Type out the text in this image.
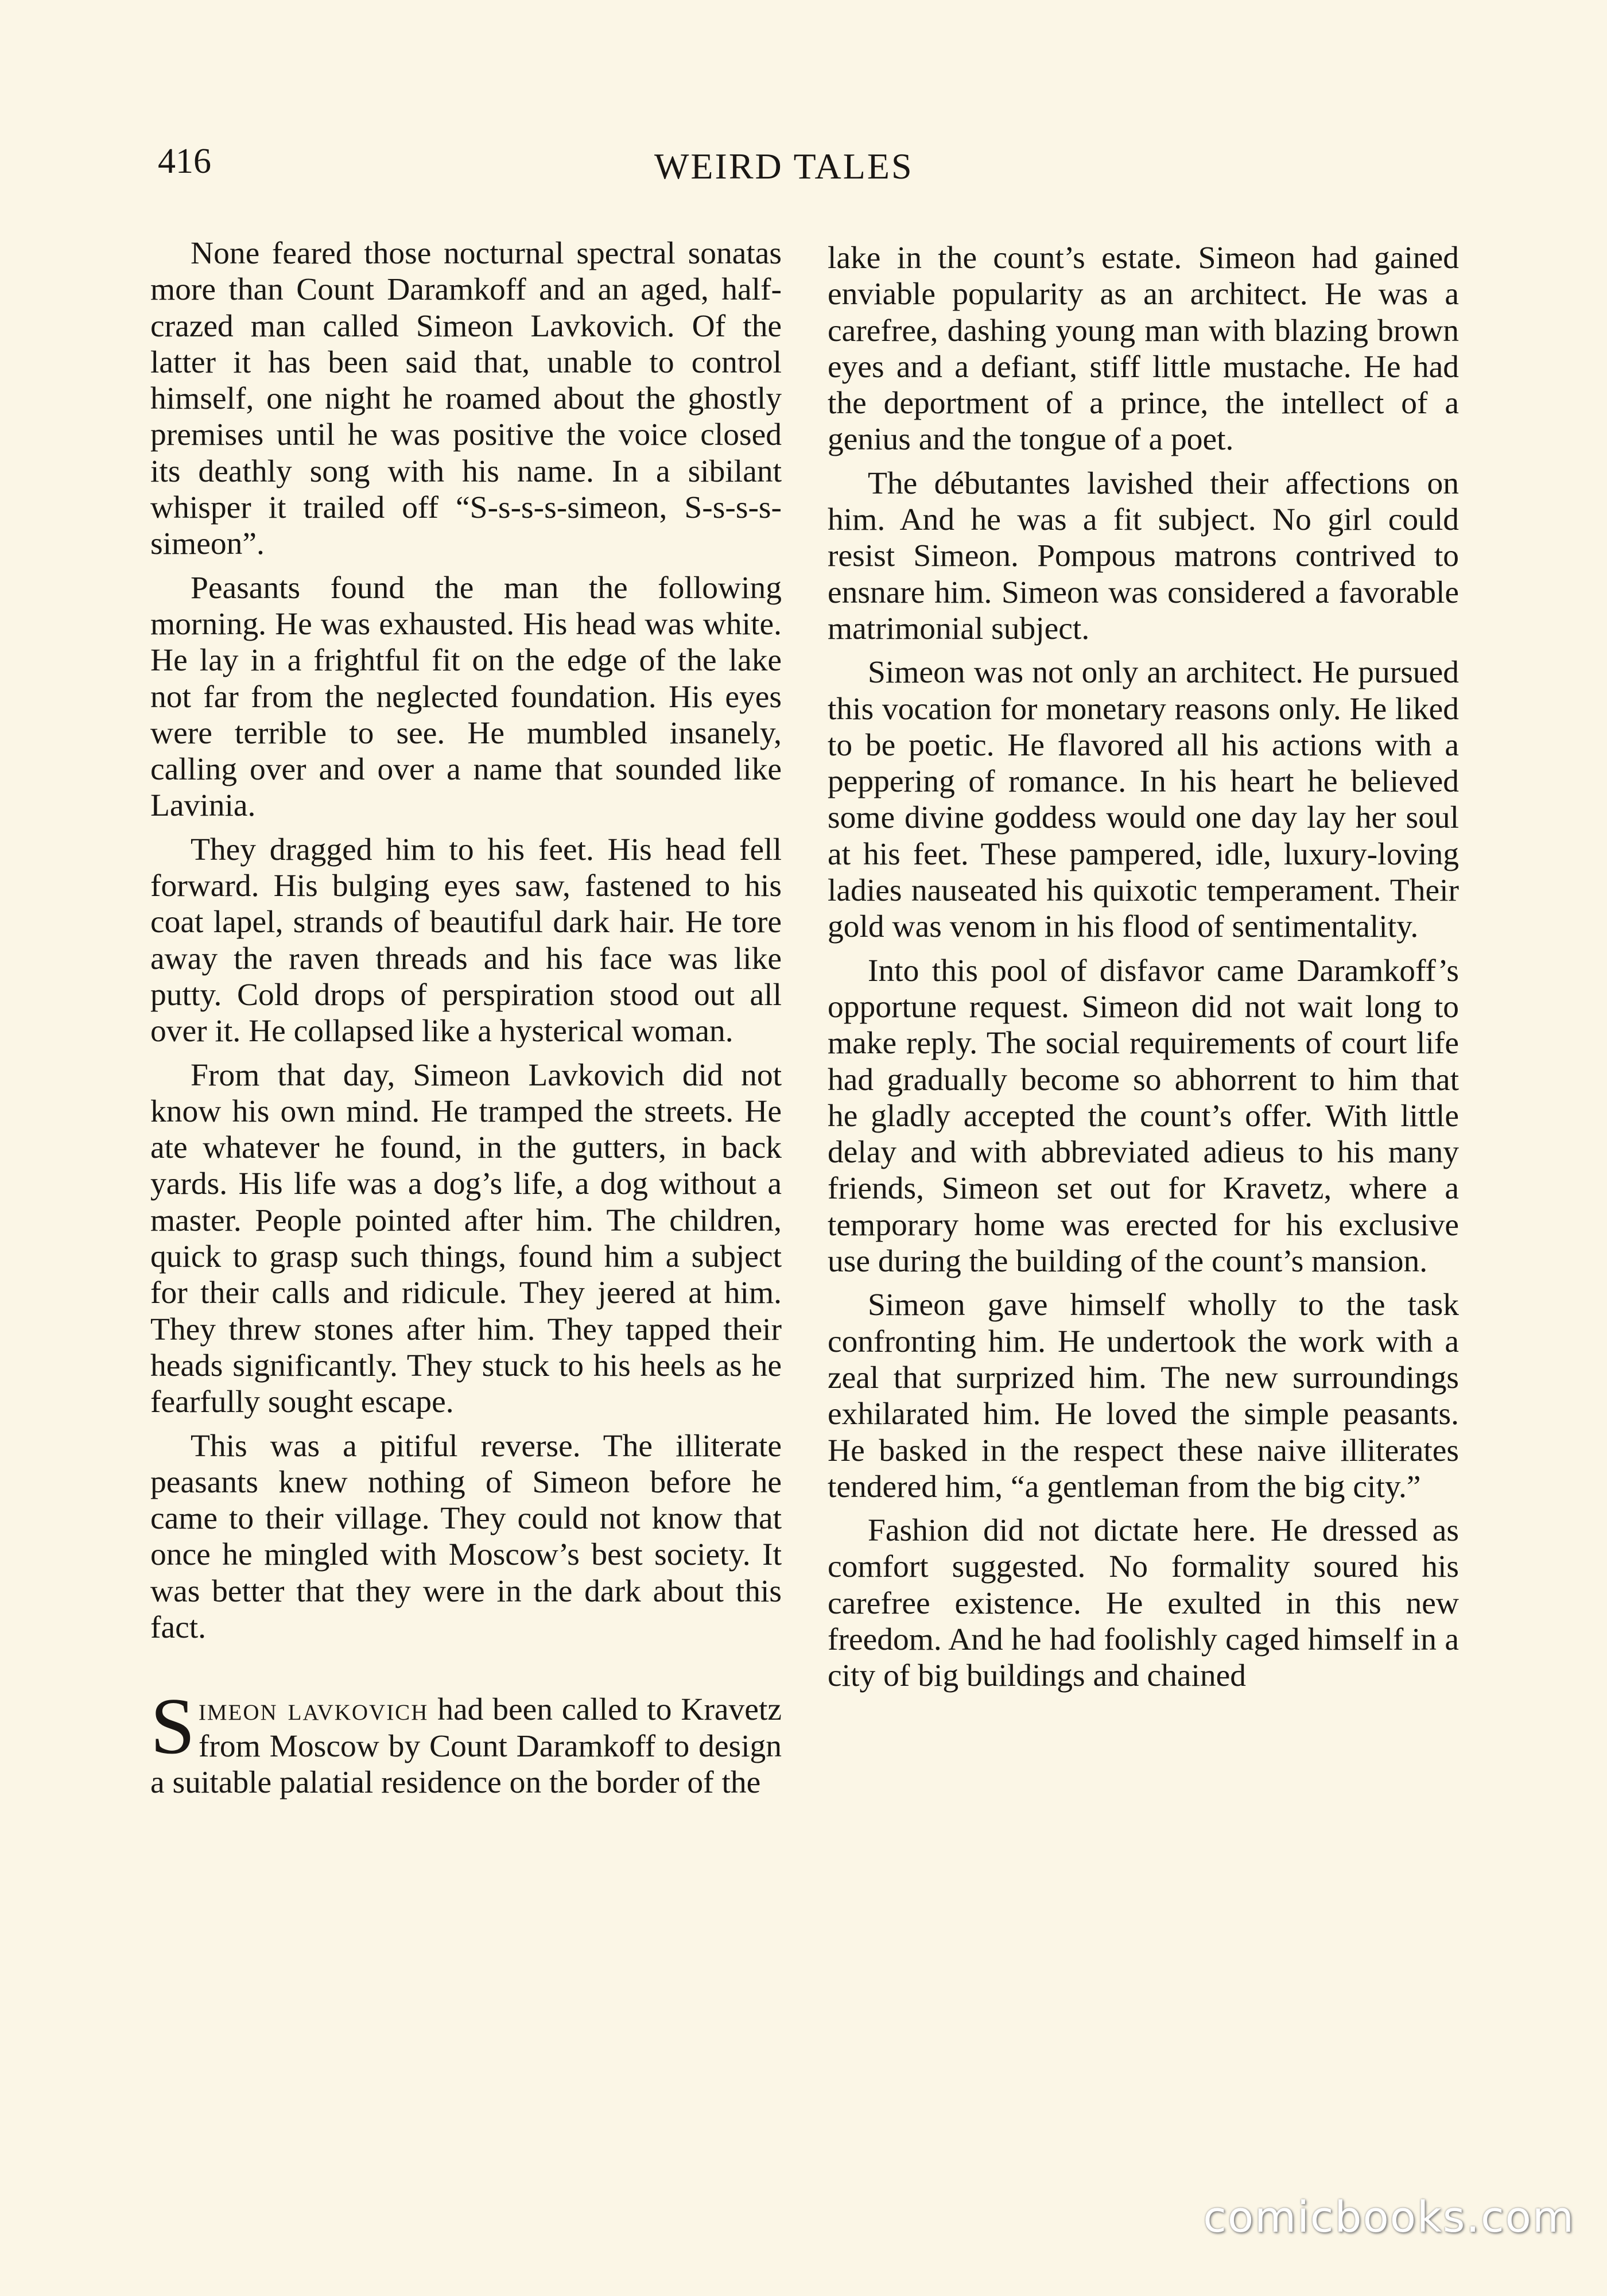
416	WEIRD TALES

None feared those nocturnal spectral sonatas more than Count Daramkoff and an aged, half-crazed man called Simeon Lavkovich. Of the latter it has been said that, unable to control himself, one night he roamed about the ghostly premises until he was positive the voice closed its deathly song with his name. In a sibilant whisper it trailed off “S-s-s-s-simeon, S-s-s-s-simeon”.

Peasants found the man the following morning. He was exhausted. His head was white. He lay in a frightful fit on the edge of the lake not far from the neglected foundation. His eyes were terrible to see. He mumbled insanely, calling over and over a name that sounded like Lavinia.

They dragged him to his feet. His head fell forward. His bulging eyes saw, fastened to his coat lapel, strands of beautiful dark hair. He tore away the raven threads and his face was like putty. Cold drops of perspiration stood out all over it. He collapsed like a hysterical woman.

From that day, Simeon Lavkovich did not know his own mind. He tramped the streets. He ate whatever he found, in the gutters, in back yards. His life was a dog’s life, a dog without a master. People pointed after him. The children, quick to grasp such things, found him a subject for their calls and ridicule. They jeered at him. They threw stones after him. They tapped their heads significantly. They stuck to his heels as he fearfully sought escape.

This was a pitiful reverse. The illiterate peasants knew nothing of Simeon before he came to their village. They could not know that once he mingled with Moscow’s best society. It was better that they were in the dark about this fact.

Simeon lavkovich had been called to Kravetz from Moscow by Count Daramkoff to design a suitable palatial residence on the border of the

lake in the count’s estate. Simeon had gained enviable popularity as an architect. He was a carefree, dashing young man with blazing brown eyes and a defiant, stiff little mustache. He had the deportment of a prince, the intellect of a genius and the tongue of a poet.

The débutantes lavished their affections on him. And he was a fit subject. No girl could resist Simeon. Pompous matrons contrived to ensnare him. Simeon was considered a favorable matrimonial subject.

Simeon was not only an architect. He pursued this vocation for monetary reasons only. He liked to be poetic. He flavored all his actions with a peppering of romance. In his heart he believed some divine goddess would one day lay her soul at his feet. These pampered, idle, luxury-loving ladies nauseated his quixotic temperament. Their gold was venom in his flood of sentimentality.

Into this pool of disfavor came Daramkoff’s opportune request. Simeon did not wait long to make reply. The social requirements of court life had gradually become so abhorrent to him that he gladly accepted the count’s offer. With little delay and with abbreviated adieus to his many friends, Simeon set out for Kravetz, where a temporary home was erected for his exclusive use during the building of the count’s mansion.

Simeon gave himself wholly to the task confronting him. He undertook the work with a zeal that surprized him. The new surroundings exhilarated him. He loved the simple peasants. He basked in the respect these naive illiterates tendered him, “a gentleman from the big city.”

Fashion did not dictate here. He dressed as comfort suggested. No formality soured his carefree existence. He exulted in this new freedom. And he had foolishly caged himself in a city of big buildings and chained

comicbooks.com
